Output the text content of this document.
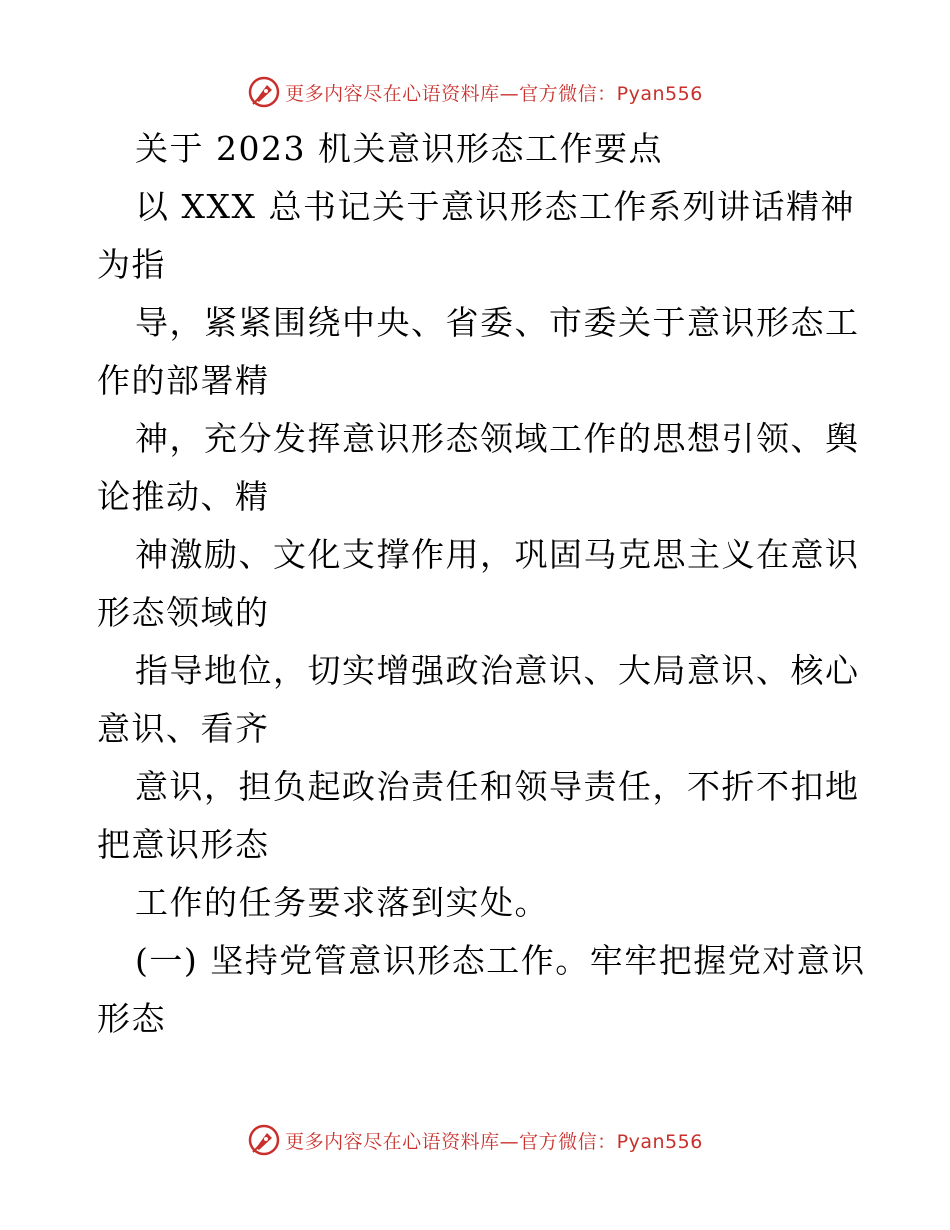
更多内容尽在心语资料库—官方微信：Pyan556
关于 2023 机关意识形态工作要点
以 XXX 总书记关于意识形态工作系列讲话精神
为指
导，紧紧围绕中央、省委、市委关于意识形态工
作的部署精
神，充分发挥意识形态领域工作的思想引领、舆
论推动、精
神激励、文化支撑作用，巩固马克思主义在意识
形态领域的
指导地位，切实增强政治意识、大局意识、核心
意识、看齐
意识，担负起政治责任和领导责任，不折不扣地
把意识形态
工作的任务要求落到实处。
(一) 坚持党管意识形态工作。牢牢把握党对意识
形态
更多内容尽在心语资料库—官方微信：Pyan556
